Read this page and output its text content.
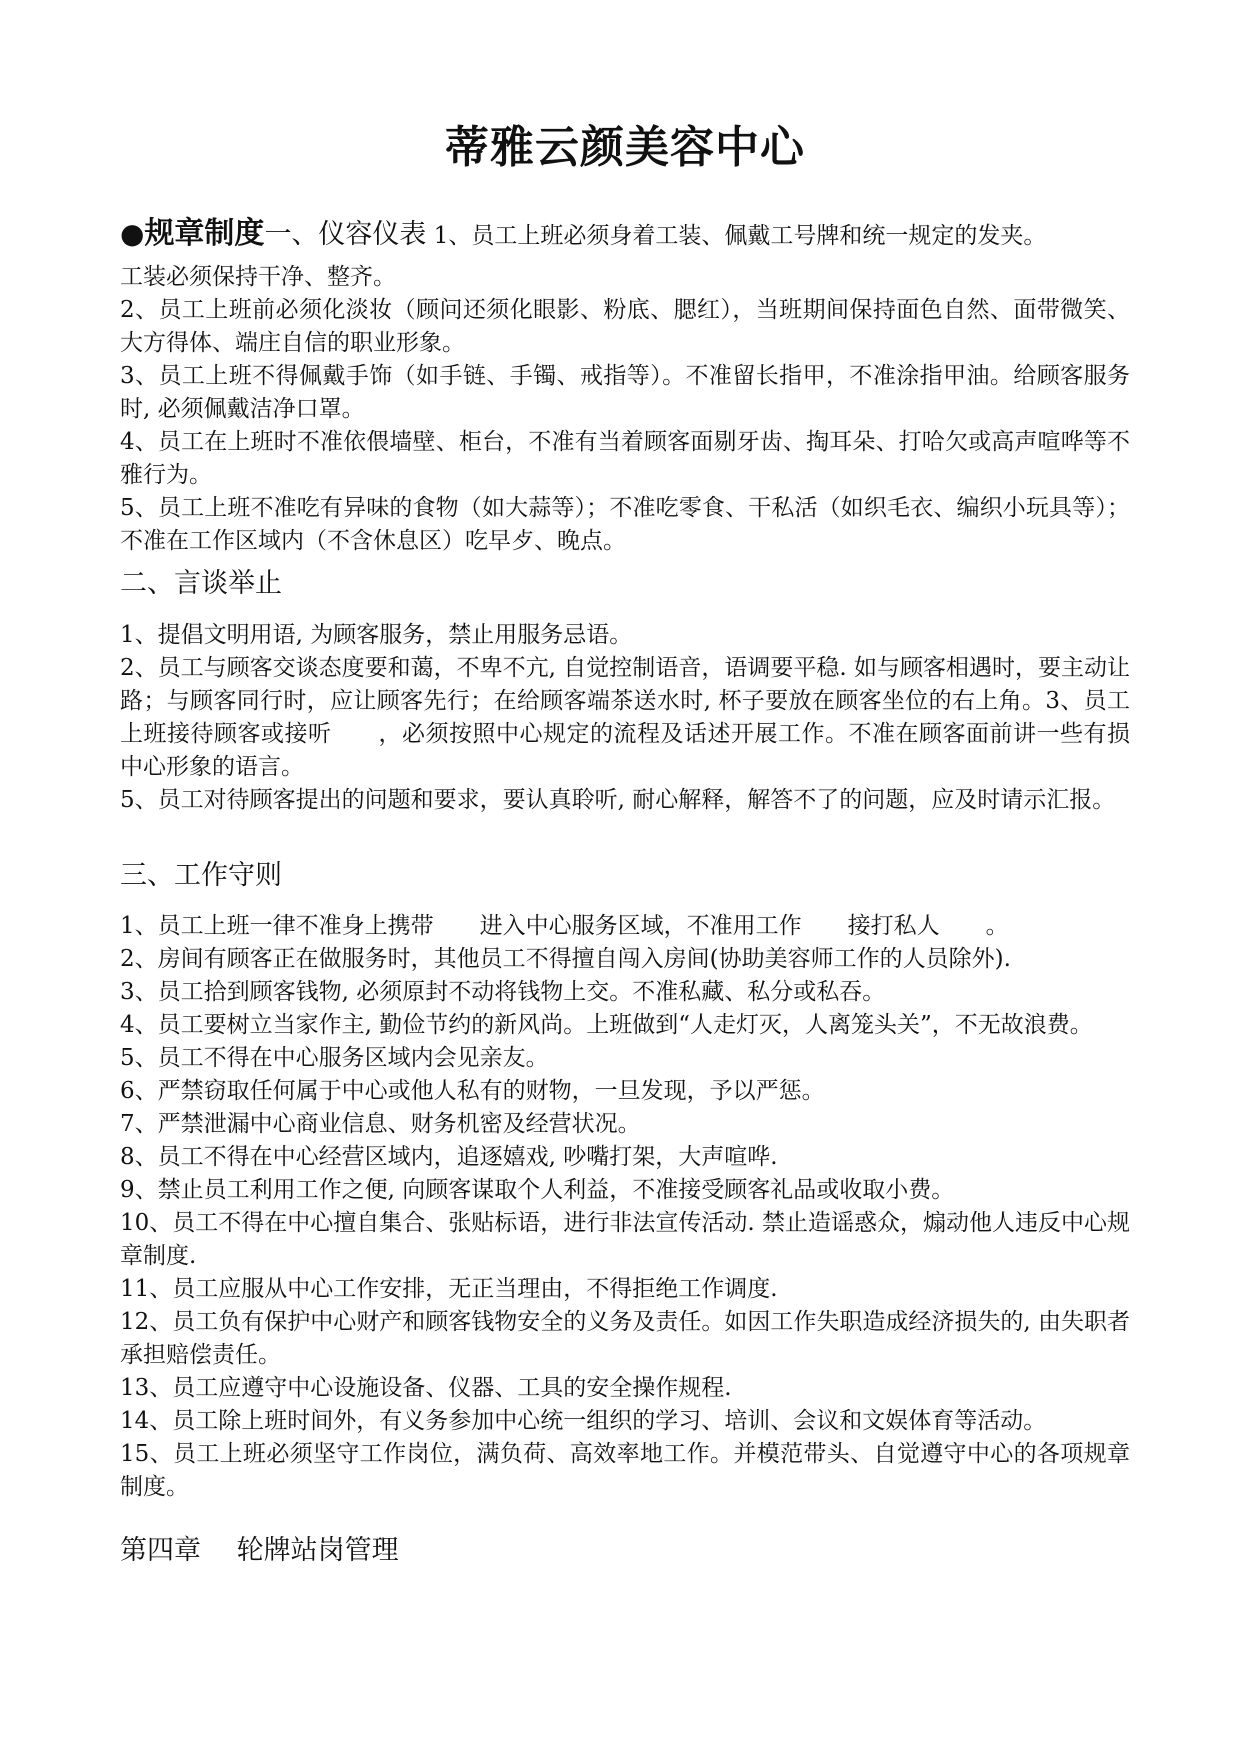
蒂雅云颜美容中心
●规章制度一、仪容仪表 1、员工上班必须身着工装、佩戴工号牌和统一规定的发夹。

工装必须保持干净、整齐。

2、员工上班前必须化淡妆（顾问还须化眼影、粉底、腮红），当班期间保持面色自然、面带微笑、大方得体、端庄自信的职业形象。

3、员工上班不得佩戴手饰（如手链、手镯、戒指等）。不准留长指甲，不准涂指甲油。给顾客服务时, 必须佩戴洁净口罩。

4、员工在上班时不准依偎墙壁、柜台，不准有当着顾客面剔牙齿、掏耳朵、打哈欠或高声喧哗等不雅行为。

5、员工上班不准吃有异味的食物（如大蒜等）；不准吃零食、干私活（如织毛衣、编织小玩具等）；不准在工作区域内（不含休息区）吃早歺、晚点。

二、言谈举止

1、提倡文明用语, 为顾客服务，禁止用服务忌语。

2、员工与顾客交谈态度要和蔼，不卑不亢, 自觉控制语音，语调要平稳. 如与顾客相遇时，要主动让路；与顾客同行时，应让顾客先行；在给顾客端茶送水时, 杯子要放在顾客坐位的右上角。3、员工上班接待顾客或接听　　，必须按照中心规定的流程及话述开展工作。不准在顾客面前讲一些有损中心形象的语言。

5、员工对待顾客提出的问题和要求，要认真聆听, 耐心解释，解答不了的问题，应及时请示汇报。

三、工作守则

1、员工上班一律不准身上携带　　进入中心服务区域，不准用工作　　接打私人　　。

2、房间有顾客正在做服务时，其他员工不得擅自闯入房间(协助美容师工作的人员除外).

3、员工拾到顾客钱物, 必须原封不动将钱物上交。不准私藏、私分或私吞。

4、员工要树立当家作主, 勤俭节约的新风尚。上班做到“人走灯灭，人离笼头关”，不无故浪费。

5、员工不得在中心服务区域内会见亲友。

6、严禁窃取任何属于中心或他人私有的财物，一旦发现，予以严惩。

7、严禁泄漏中心商业信息、财务机密及经营状况。

8、员工不得在中心经营区域内，追逐嬉戏, 吵嘴打架，大声喧哗.

9、禁止员工利用工作之便, 向顾客谋取个人利益，不准接受顾客礼品或收取小费。

10、员工不得在中心擅自集合、张贴标语，进行非法宣传活动. 禁止造谣惑众，煽动他人违反中心规章制度.

11、员工应服从中心工作安排，无正当理由，不得拒绝工作调度.

12、员工负有保护中心财产和顾客钱物安全的义务及责任。如因工作失职造成经济损失的, 由失职者承担赔偿责任。

13、员工应遵守中心设施设备、仪器、工具的安全操作规程.

14、员工除上班时间外，有义务参加中心统一组织的学习、培训、会议和文娱体育等活动。

15、员工上班必须坚守工作岗位，满负荷、高效率地工作。并模范带头、自觉遵守中心的各项规章制度。

第四章　 轮牌站岗管理
